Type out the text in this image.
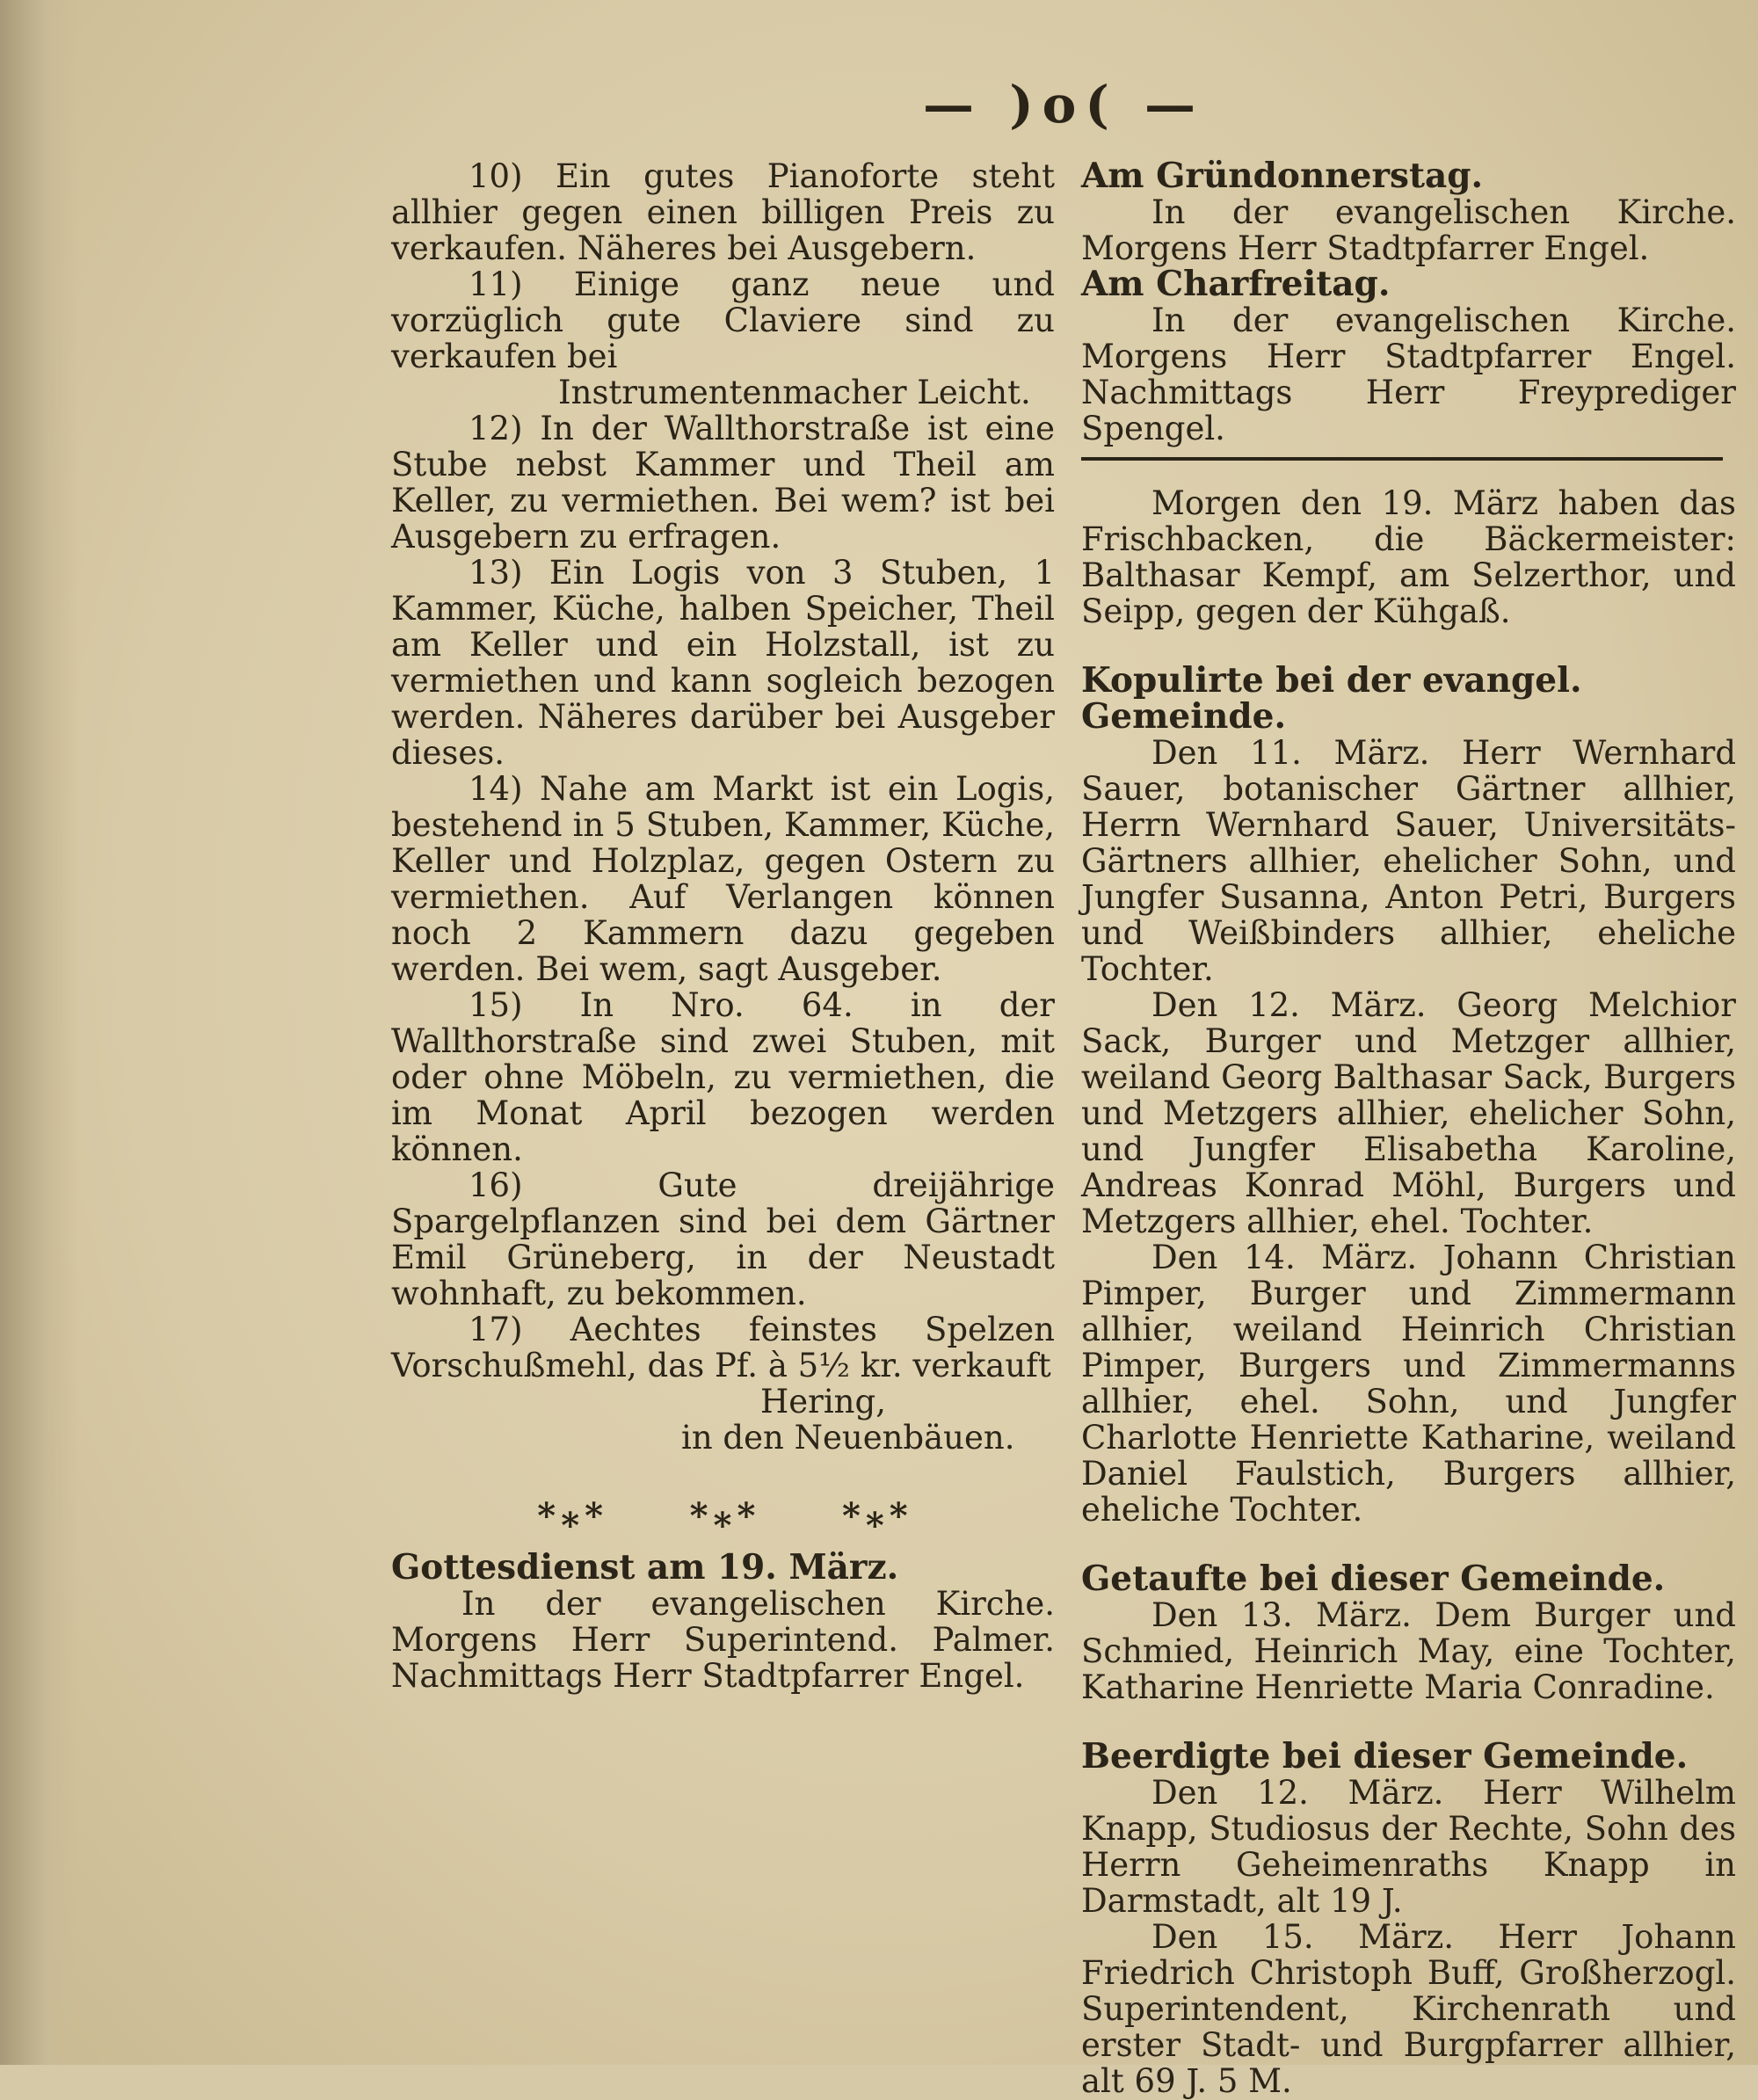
— )o( —

10) Ein gutes Pianoforte steht allhier gegen einen billigen Preis zu verkaufen. Näheres bei Ausgebern.

11) Einige ganz neue und vorzüglich gute Claviere sind zu verkaufen bei

Instrumentenmacher Leicht.

12) In der Wallthorstraße ist eine Stube nebst Kammer und Theil am Keller, zu vermiethen. Bei wem? ist bei Ausgebern zu erfragen.

13) Ein Logis von 3 Stuben, 1 Kammer, Küche, halben Speicher, Theil am Keller und ein Holzstall, ist zu vermiethen und kann sogleich bezogen werden. Näheres darüber bei Ausgeber dieses.

14) Nahe am Markt ist ein Logis, bestehend in 5 Stuben, Kammer, Küche, Keller und Holzplaz, gegen Ostern zu vermiethen. Auf Verlangen können noch 2 Kammern dazu gegeben werden. Bei wem, sagt Ausgeber.

15) In Nro. 64. in der Wallthorstraße sind zwei Stuben, mit oder ohne Möbeln, zu vermiethen, die im Monat April bezogen werden können.

16) Gute dreijährige Spargelpflanzen sind bei dem Gärtner Emil Grüneberg, in der Neustadt wohnhaft, zu bekommen.

17) Aechtes feinstes Spelzen Vorschußmehl, das Pf. à 5½ kr. verkauft

Hering,

in den Neuenbäuen.

*⁎* *⁎* *⁎*

Gottesdienst am 19. März.

In der evangelischen Kirche. Morgens Herr Superintend. Palmer. Nachmittags Herr Stadtpfarrer Engel.

Am Gründonnerstag.

In der evangelischen Kirche. Morgens Herr Stadtpfarrer Engel.

Am Charfreitag.

In der evangelischen Kirche. Morgens Herr Stadtpfarrer Engel. Nachmittags Herr Freyprediger Spengel.

Morgen den 19. März haben das Frischbacken, die Bäckermeister: Balthasar Kempf, am Selzerthor, und Seipp, gegen der Kühgaß.

Kopulirte bei der evangel. Gemeinde.

Den 11. März. Herr Wernhard Sauer, botanischer Gärtner allhier, Herrn Wernhard Sauer, Universitäts-Gärtners allhier, ehelicher Sohn, und Jungfer Susanna, Anton Petri, Burgers und Weißbinders allhier, eheliche Tochter.

Den 12. März. Georg Melchior Sack, Burger und Metzger allhier, weiland Georg Balthasar Sack, Burgers und Metzgers allhier, ehelicher Sohn, und Jungfer Elisabetha Karoline, Andreas Konrad Möhl, Burgers und Metzgers allhier, ehel. Tochter.

Den 14. März. Johann Christian Pimper, Burger und Zimmermann allhier, weiland Heinrich Christian Pimper, Burgers und Zimmermanns allhier, ehel. Sohn, und Jungfer Charlotte Henriette Katharine, weiland Daniel Faulstich, Burgers allhier, eheliche Tochter.

Getaufte bei dieser Gemeinde.

Den 13. März. Dem Burger und Schmied, Heinrich May, eine Tochter, Katharine Henriette Maria Conradine.

Beerdigte bei dieser Gemeinde.

Den 12. März. Herr Wilhelm Knapp, Studiosus der Rechte, Sohn des Herrn Geheimenraths Knapp in Darmstadt, alt 19 J.

Den 15. März. Herr Johann Friedrich Christoph Buff, Großherzogl. Superintendent, Kirchenrath und erster Stadt- und Burgpfarrer allhier, alt 69 J. 5 M.
